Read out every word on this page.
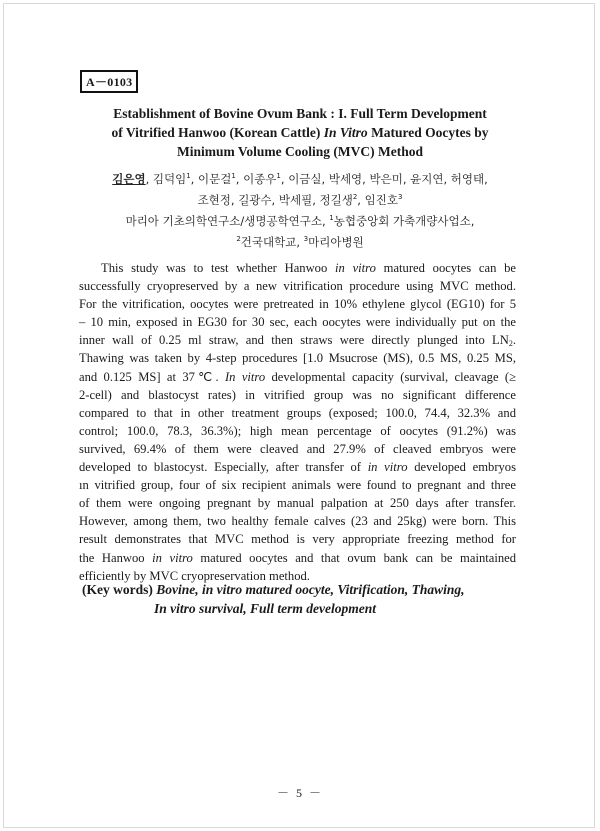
A－0103
Establishment of Bovine Ovum Bank : I. Full Term Development
of Vitrified Hanwoo (Korean Cattle) In Vitro Matured Oocytes by
Minimum Volume Cooling (MVC) Method
김은영, 김덕임$^1$, 이문걸$^1$, 이종우$^1$, 이금실, 박세영, 박은미, 윤지연, 허영태,
조현정, 길광수, 박세필, 정길생$^2$, 임진호$^3$
마리아 기초의학연구소/생명공학연구소, $^1$농협중앙회 가축개량사업소,
$^2$건국대학교, $^3$마리아병원
This study was to test whether Hanwoo in vitro matured oocytes can be
successfully cryopreserved by a new vitrification procedure using MVC method.
For the vitrification, oocytes were pretreated in 10% ethylene glycol (EG10) for 5
– 10 min, exposed in EG30 for 30 sec, each oocytes were individually put on the
inner wall of 0.25 ml straw, and then straws were directly plunged into $LN_2$.
Thawing was taken by 4-step procedures [1.0 Msucrose (MS), 0.5 MS, 0.25 MS,
and 0.125 MS] at 37℃. In vitro developmental capacity (survival, cleavage (≥
2-cell) and blastocyst rates) in vitrified group was no significant difference
compared to that in other treatment groups (exposed; 100.0, 74.4, 32.3% and
control; 100.0, 78.3, 36.3%); high mean percentage of oocytes (91.2%) was
survived, 69.4% of them were cleaved and 27.9% of cleaved embryos were
developed to blastocyst. Especially, after transfer of in vitro developed embryos
ın vitrified group, four of six recipient animals were found to pregnant and three
of them were ongoing pregnant by manual palpation at 250 days after transfer.
However, among them, two healthy female calves (23 and 25kg) were born. This
result demonstrates that MVC method is very appropriate freezing method for
the Hanwoo in vitro matured oocytes and that ovum bank can be maintained
efficiently by MVC cryopreservation method.
(Key words) Bovine, in vitro matured oocyte, Vitrification, Thawing,
In vitro survival, Full term development
－ 5 －
